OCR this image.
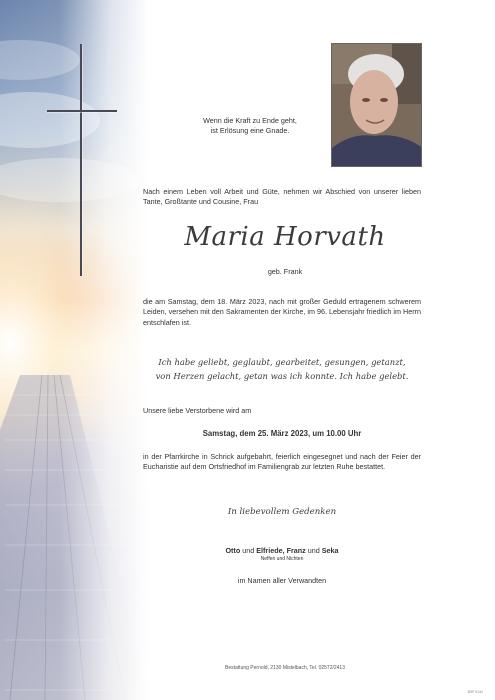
Wenn die Kraft zu Ende geht,
ist Erlösung eine Gnade.
Nach einem Leben voll Arbeit und Güte, nehmen wir Abschied von unserer lieben Tante, Großtante und Cousine, Frau
Maria Horvath
geb. Frank
die am Samstag, dem 18. März 2023, nach mit großer Geduld ertragenem schwerem Leiden, versehen mit den Sakramenten der Kirche, im 96. Lebensjahr friedlich im Herrn entschlafen ist.
Ich habe geliebt, geglaubt, gearbeitet, gesungen, getanzt,
von Herzen gelacht, getan was ich konnte. Ich habe gelebt.
Unsere liebe Verstorbene wird am
Samstag, dem 25. März 2023, um 10.00 Uhr
in der Pfarrkirche in Schrick aufgebahrt, feierlich eingesegnet und nach der Feier der Eucharistie auf dem Ortsfriedhof im Familiengrab zur letzten Ruhe bestattet.
In liebevollem Gedenken
Otto und Elfriede, Franz und Seka
Neffen und Nichten
im Namen aller Verwandten
Bestattung Pernold, 2130 Mistelbach, Tel. 02572/2413
B3P 5144
